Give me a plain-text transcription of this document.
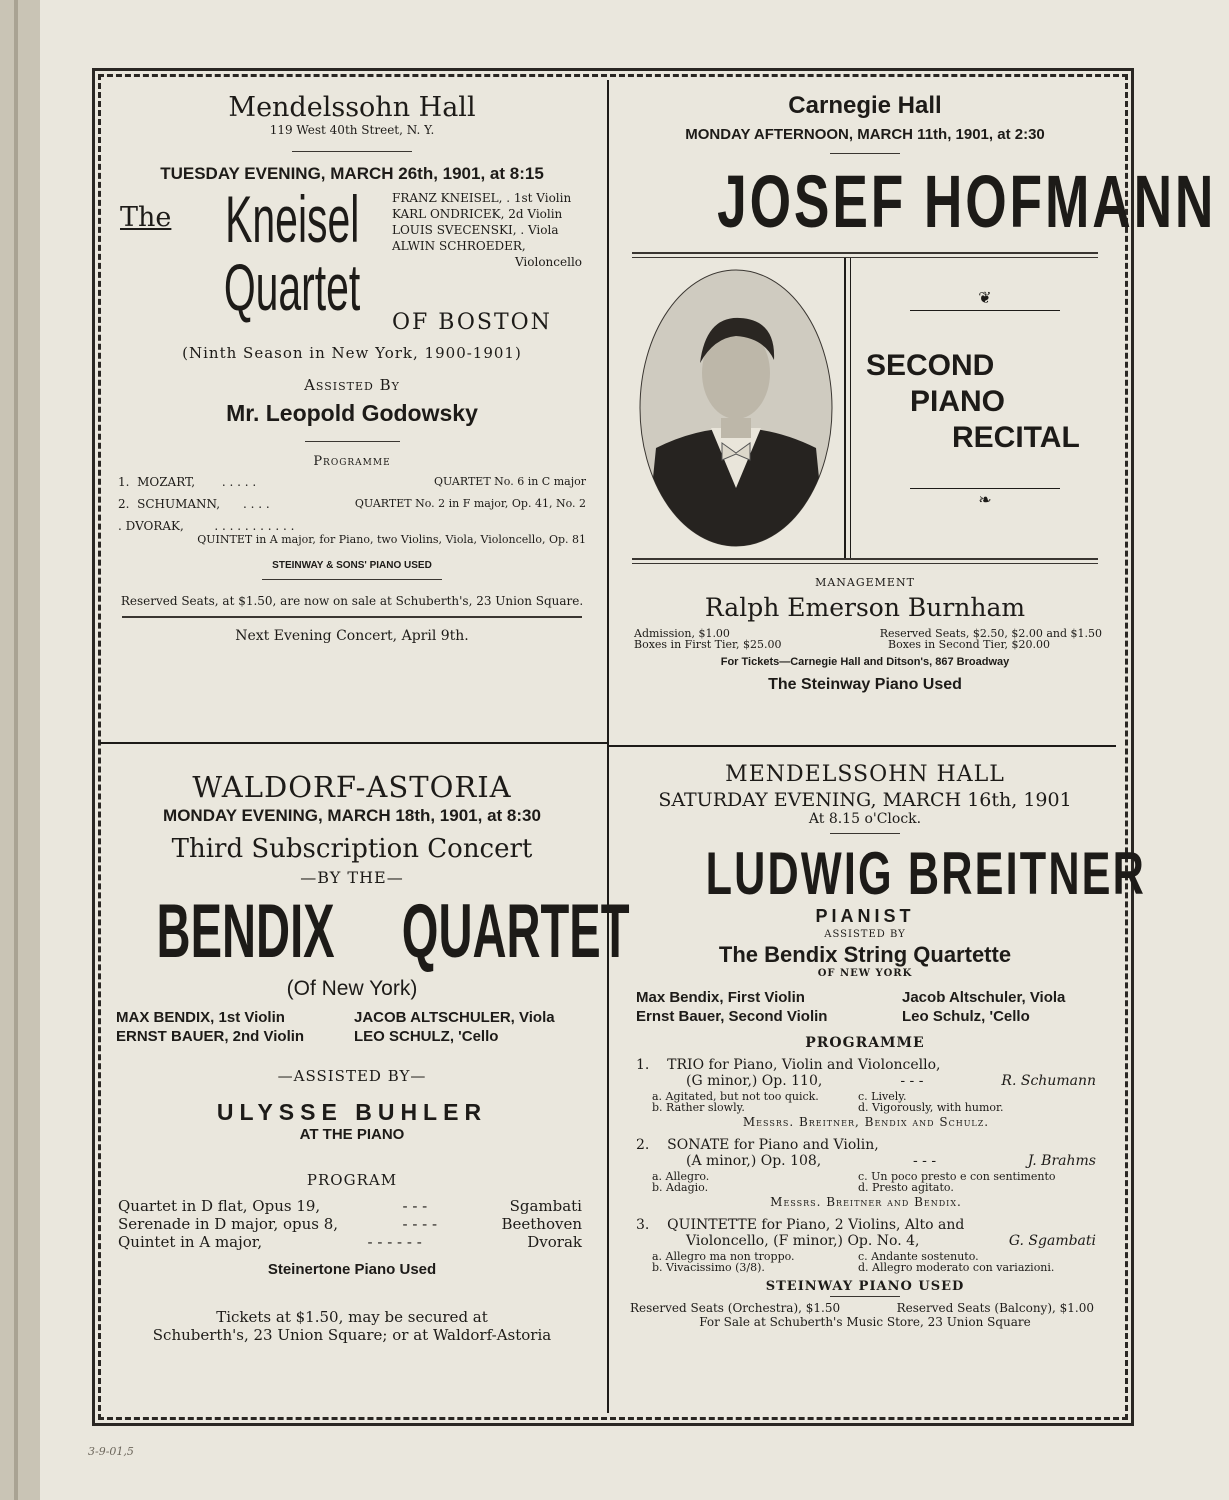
Mendelssohn Hall
119 West 40th Street, N. Y.
TUESDAY EVENING, MARCH 26th, 1901, at 8:15
The Kneisel
Quartet
FRANZ KNEISEL, . 1st Violin
KARL ONDRICEK, 2d Violin
LOUIS SVECENSKI, . Viola
ALWIN SCHROEDER,
Violoncello
OF BOSTON
(Ninth Season in New York, 1900-1901)
Assisted By
Mr. Leopold Godowsky
Programme
1. MOZART, . . . . .	QUARTET No. 6 in C major
2. SCHUMANN, . . . .	QUARTET No. 2 in F major, Op. 41, No. 2
. DVORAK,	. . . . . . . . . . .
QUINTET in A major, for Piano, two Violins, Viola, Violoncello, Op. 81
STEINWAY & SONS' PIANO USED
Reserved Seats, at $1.50, are now on sale at Schuberth's, 23 Union Square.
Next Evening Concert, April 9th.
Carnegie Hall
MONDAY AFTERNOON, MARCH 11th, 1901, at 2:30
JOSEF HOFMANN
❦
SECOND
PIANO
RECITAL
❧
MANAGEMENT
Ralph Emerson Burnham
Admission, $1.00
Boxes in First Tier, $25.00
Reserved Seats, $2.50, $2.00 and $1.50
Boxes in Second Tier, $20.00
For Tickets—Carnegie Hall and Ditson's, 867 Broadway
The Steinway Piano Used
WALDORF-ASTORIA
MONDAY EVENING, MARCH 18th, 1901, at 8:30
Third Subscription Concert
—BY THE—
BENDIX QUARTET
(Of New York)
MAX BENDIX, 1st Violin	JACOB ALTSCHULER, Viola
ERNST BAUER, 2nd Violin	LEO SCHULZ, 'Cello
—ASSISTED BY—
ULYSSE BUHLER
AT THE PIANO
PROGRAM
Quartet in D flat, Opus 19,	- - -	Sgambati
Serenade in D major, opus 8,	- - - -	Beethoven
Quintet in A major,	- - - - - -	Dvorak
Steinertone Piano Used
Tickets at $1.50, may be secured at
Schuberth's, 23 Union Square; or at Waldorf-Astoria
MENDELSSOHN HALL
SATURDAY EVENING, MARCH 16th, 1901
At 8.15 o'Clock.
LUDWIG BREITNER
PIANIST
ASSISTED BY
The Bendix String Quartette
OF NEW YORK
Max Bendix, First Violin	Jacob Altschuler, Viola
Ernst Bauer, Second Violin	Leo Schulz, 'Cello
PROGRAMME
1. TRIO for Piano, Violin and Violoncello,
(G minor,) Op. 110,	- - -	R. Schumann
a. Agitated, but not too quick.	c. Lively.
b. Rather slowly.	d. Vigorously, with humor.
Messrs. Breitner, Bendix and Schulz.
2. SONATE for Piano and Violin,
(A minor,) Op. 108,	- - -	J. Brahms
a. Allegro.	c. Un poco presto e con sentimento
b. Adagio.	d. Presto agitato.
Messrs. Breitner and Bendix.
3. QUINTETTE for Piano, 2 Violins, Alto and
Violoncello, (F minor,) Op. No. 4,	G. Sgambati
a. Allegro ma non troppo.	c. Andante sostenuto.
b. Vivacissimo (3/8).	d. Allegro moderato con variazioni.
STEINWAY PIANO USED
Reserved Seats (Orchestra), $1.50	Reserved Seats (Balcony), $1.00
For Sale at Schuberth's Music Store, 23 Union Square
3-9-01,5
